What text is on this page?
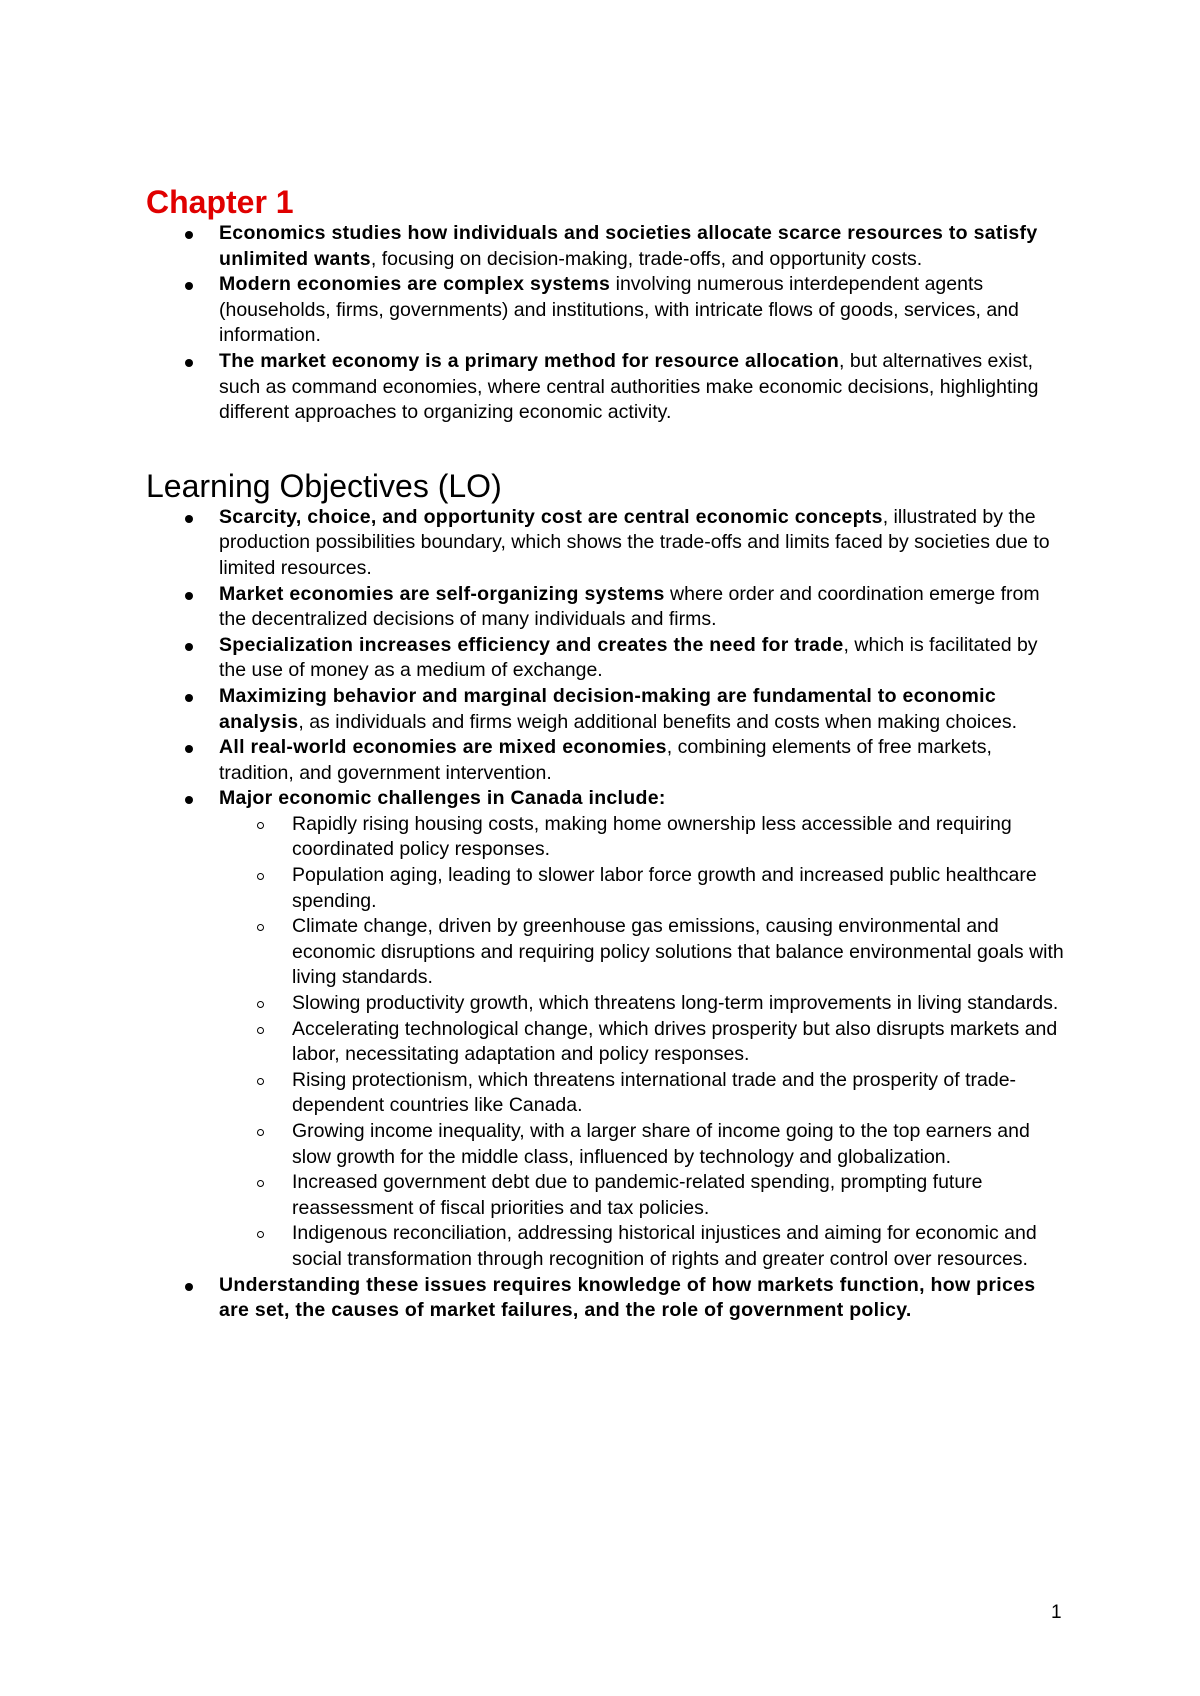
Chapter 1
Economics studies how individuals and societies allocate scarce resources to satisfy unlimited wants, focusing on decision-making, trade-offs, and opportunity costs.
Modern economies are complex systems involving numerous interdependent agents (households, firms, governments) and institutions, with intricate flows of goods, services, and information.
The market economy is a primary method for resource allocation, but alternatives exist, such as command economies, where central authorities make economic decisions, highlighting different approaches to organizing economic activity.
Learning Objectives (LO)
Scarcity, choice, and opportunity cost are central economic concepts, illustrated by the production possibilities boundary, which shows the trade-offs and limits faced by societies due to limited resources.
Market economies are self-organizing systems where order and coordination emerge from the decentralized decisions of many individuals and firms.
Specialization increases efficiency and creates the need for trade, which is facilitated by the use of money as a medium of exchange.
Maximizing behavior and marginal decision-making are fundamental to economic analysis, as individuals and firms weigh additional benefits and costs when making choices.
All real-world economies are mixed economies, combining elements of free markets, tradition, and government intervention.
Major economic challenges in Canada include:
Rapidly rising housing costs, making home ownership less accessible and requiring coordinated policy responses.
Population aging, leading to slower labor force growth and increased public healthcare spending.
Climate change, driven by greenhouse gas emissions, causing environmental and economic disruptions and requiring policy solutions that balance environmental goals with living standards.
Slowing productivity growth, which threatens long-term improvements in living standards.
Accelerating technological change, which drives prosperity but also disrupts markets and labor, necessitating adaptation and policy responses.
Rising protectionism, which threatens international trade and the prosperity of trade-dependent countries like Canada.
Growing income inequality, with a larger share of income going to the top earners and slow growth for the middle class, influenced by technology and globalization.
Increased government debt due to pandemic-related spending, prompting future reassessment of fiscal priorities and tax policies.
Indigenous reconciliation, addressing historical injustices and aiming for economic and social transformation through recognition of rights and greater control over resources.
Understanding these issues requires knowledge of how markets function, how prices are set, the causes of market failures, and the role of government policy.
1
